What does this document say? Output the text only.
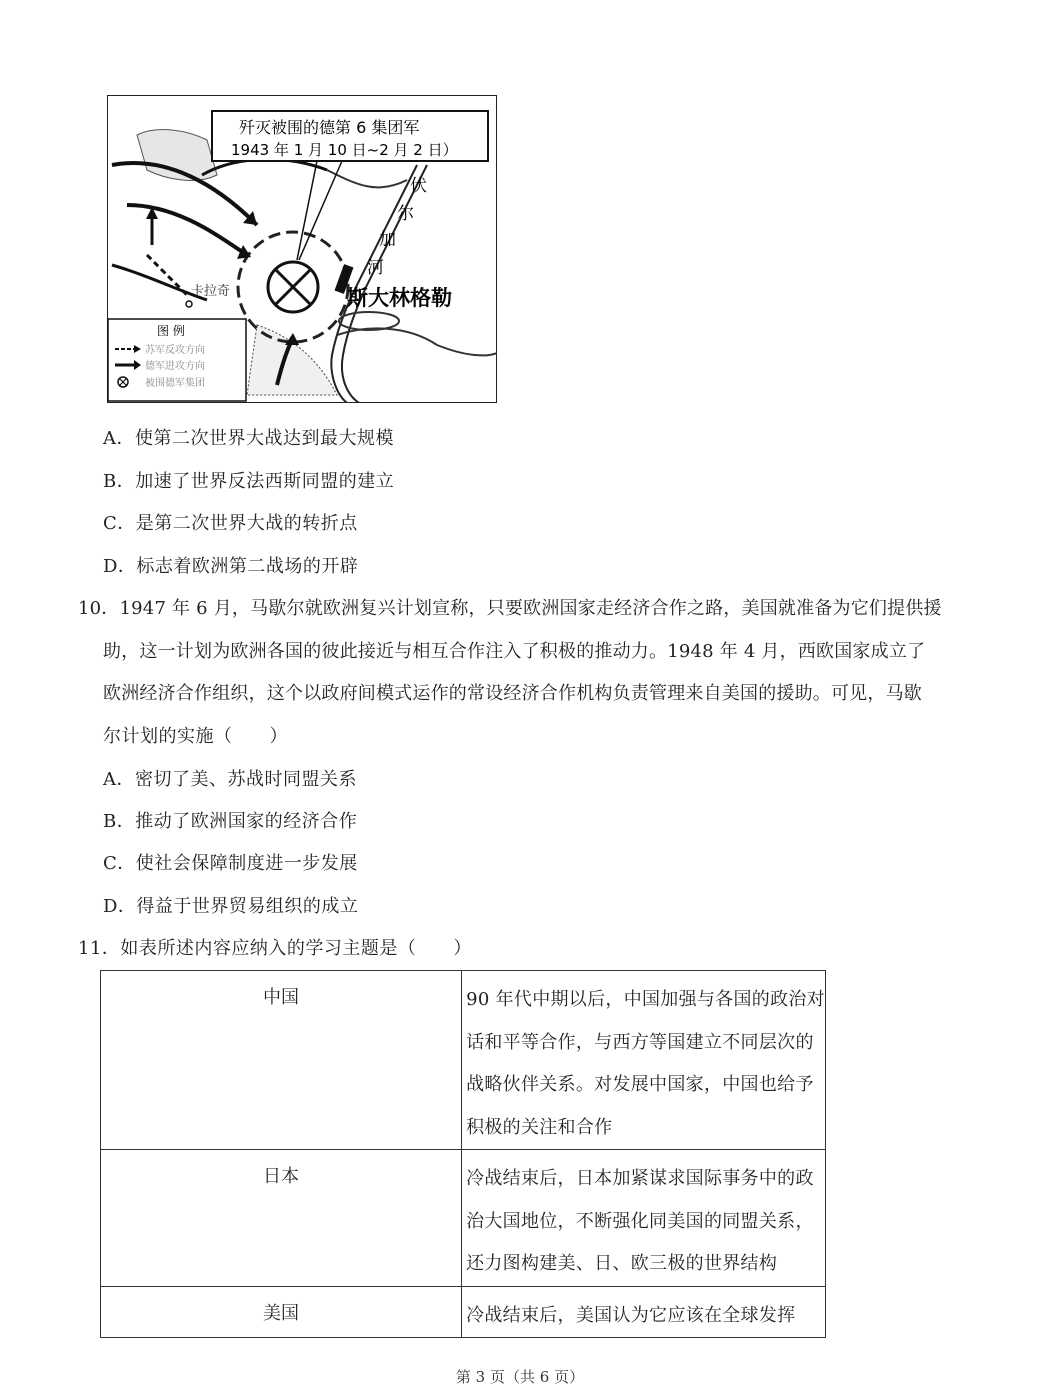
歼灭被围的德第 6 集团军
1943 年 1 月 10 日~2 月 2 日）
伏
尔
加
河
斯大林格勒
卡拉奇
图 例
苏军反攻方向
德军进攻方向
被围德军集团
A．使第二次世界大战达到最大规模
B．加速了世界反法西斯同盟的建立
C．是第二次世界大战的转折点
D．标志着欧洲第二战场的开辟
10．1947 年 6 月，马歇尔就欧洲复兴计划宣称，只要欧洲国家走经济合作之路，美国就准备为它们提供援
助，这一计划为欧洲各国的彼此接近与相互合作注入了积极的推动力。1948 年 4 月，西欧国家成立了
欧洲经济合作组织，这个以政府间模式运作的常设经济合作机构负责管理来自美国的援助。可见，马歇
尔计划的实施（　　）
A．密切了美、苏战时同盟关系
B．推动了欧洲国家的经济合作
C．使社会保障制度进一步发展
D．得益于世界贸易组织的成立
11．如表所述内容应纳入的学习主题是（　　）
中国	90 年代中期以后，中国加强与各国的政治对
话和平等合作，与西方等国建立不同层次的
战略伙伴关系。对发展中国家，中国也给予
积极的关注和合作

日本	冷战结束后，日本加紧谋求国际事务中的政
治大国地位，不断强化同美国的同盟关系，
还力图构建美、日、欧三极的世界结构

美国	冷战结束后，美国认为它应该在全球发挥
第 3 页（共 6 页）
